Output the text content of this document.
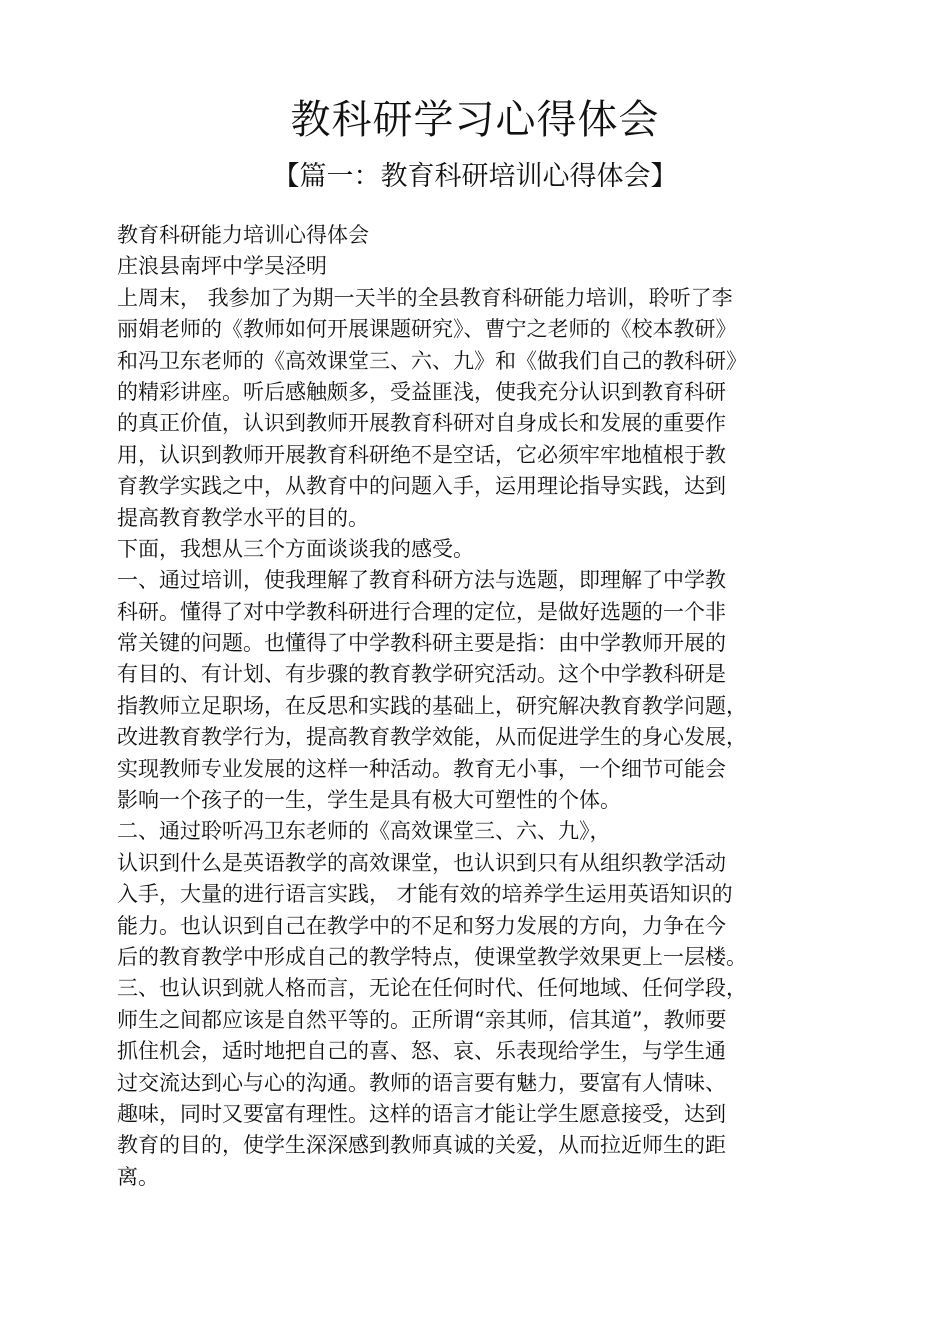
教科研学习心得体会
【篇一：教育科研培训心得体会】
教育科研能力培训心得体会
庄浪县南坪中学吴泾明
上周末， 我参加了为期一天半的全县教育科研能力培训，聆听了李
丽娟老师的《教师如何开展课题研究》、曹宁之老师的《校本教研》
和冯卫东老师的《高效课堂三、六、九》和《做我们自己的教科研》
的精彩讲座。听后感触颇多，受益匪浅，使我充分认识到教育科研
的真正价值，认识到教师开展教育科研对自身成长和发展的重要作
用，认识到教师开展教育科研绝不是空话，它必须牢牢地植根于教
育教学实践之中，从教育中的问题入手，运用理论指导实践，达到
提高教育教学水平的目的。
下面，我想从三个方面谈谈我的感受。
一、通过培训，使我理解了教育科研方法与选题，即理解了中学教
科研。懂得了对中学教科研进行合理的定位，是做好选题的一个非
常关键的问题。也懂得了中学教科研主要是指：由中学教师开展的
有目的、有计划、有步骤的教育教学研究活动。这个中学教科研是
指教师立足职场，在反思和实践的基础上，研究解决教育教学问题，
改进教育教学行为，提高教育教学效能，从而促进学生的身心发展，
实现教师专业发展的这样一种活动。教育无小事，一个细节可能会
影响一个孩子的一生，学生是具有极大可塑性的个体。
二、通过聆听冯卫东老师的《高效课堂三、六、九》，
认识到什么是英语教学的高效课堂，也认识到只有从组织教学活动
入手，大量的进行语言实践， 才能有效的培养学生运用英语知识的
能力。也认识到自己在教学中的不足和努力发展的方向，力争在今
后的教育教学中形成自己的教学特点，使课堂教学效果更上一层楼。
三、也认识到就人格而言，无论在任何时代、任何地域、任何学段，
师生之间都应该是自然平等的。正所谓“亲其师，信其道”，教师要
抓住机会，适时地把自己的喜、怒、哀、乐表现给学生，与学生通
过交流达到心与心的沟通。教师的语言要有魅力，要富有人情味、
趣味，同时又要富有理性。这样的语言才能让学生愿意接受，达到
教育的目的，使学生深深感到教师真诚的关爱，从而拉近师生的距
离。
